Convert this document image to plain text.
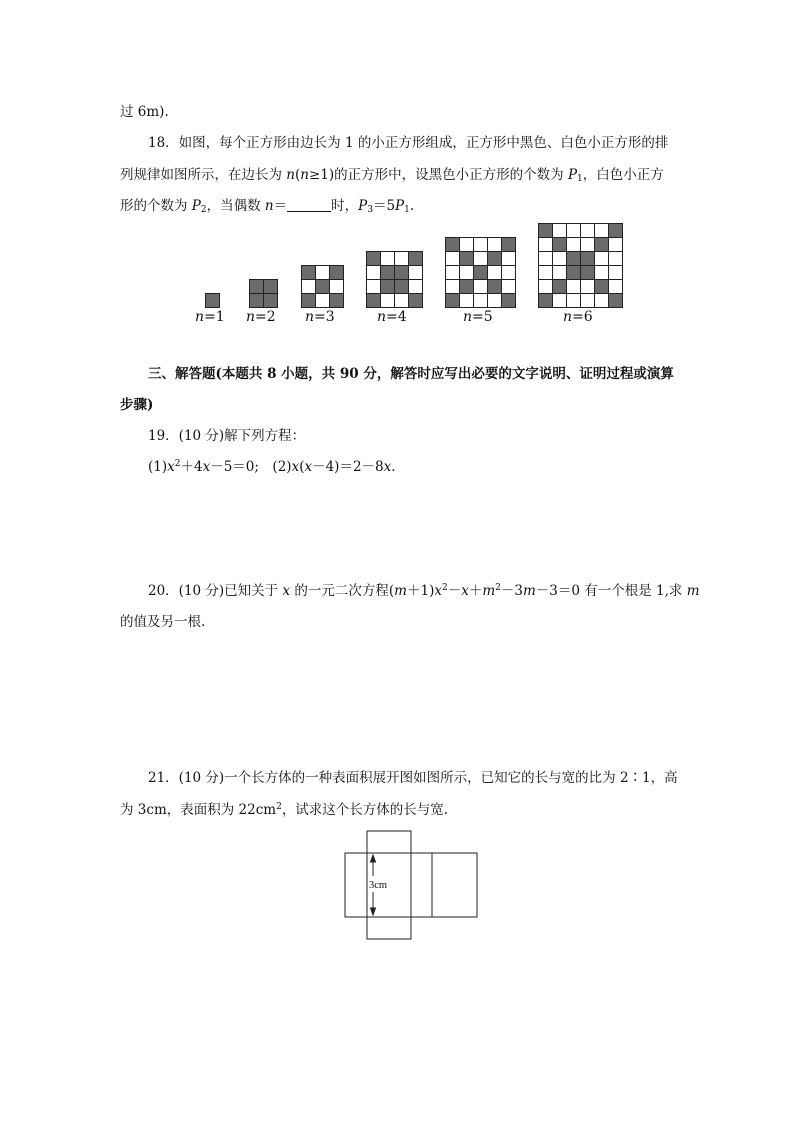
过 6m).
18．如图，每个正方形由边长为 1 的小正方形组成，正方形中黑色、白色小正方形的排
列规律如图所示，在边长为 n(n≥1)的正方形中，设黑色小正方形的个数为 $P_1$，白色小正方
形的个数为 $P_2$，当偶数 n＝	时，$P_3=5P_1$.
n=1 n=2 n=3	n=4	n=5	n=6
三、解答题(本题共 8 小题，共 90 分，解答时应写出必要的文字说明、证明过程或演算
步骤)
19．(10 分)解下列方程：
$(1)x^2+4x-5=0$;　(2)x(x－4)＝2－8x.
20．(10 分)已知关于 x 的一元二次方程$(m+1)x^2-x+m^2-3m-3=0$ 有一个根是 1,求 m
的值及另一根.
21．(10 分)一个长方体的一种表面积展开图如图所示，已知它的长与宽的比为 2∶1，高
为 3cm，表面积为 $22cm^2$，试求这个长方体的长与宽.
3cm
